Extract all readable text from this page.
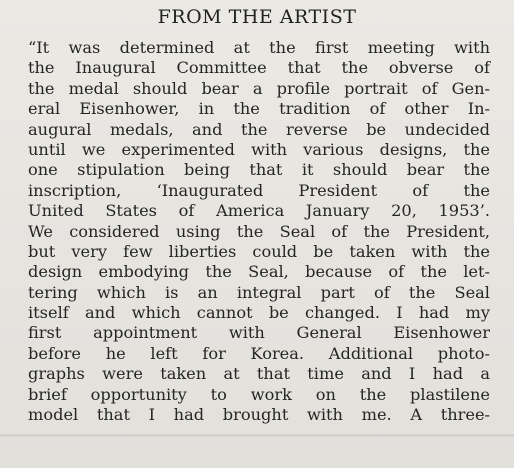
FROM THE ARTIST
“It was determined at the first meeting with
the Inaugural Committee that the obverse of
the medal should bear a profile portrait of Gen-
eral Eisenhower, in the tradition of other In-
augural medals, and the reverse be undecided
until we experimented with various designs, the
one stipulation being that it should bear the
inscription, ‘Inaugurated President of the
United States of America January 20, 1953’.
We considered using the Seal of the President,
but very few liberties could be taken with the
design embodying the Seal, because of the let-
tering which is an integral part of the Seal
itself and which cannot be changed. I had my
first appointment with General Eisenhower
before he left for Korea. Additional photo-
graphs were taken at that time and I had a
brief opportunity to work on the plastilene
model that I had brought with me. A three-
